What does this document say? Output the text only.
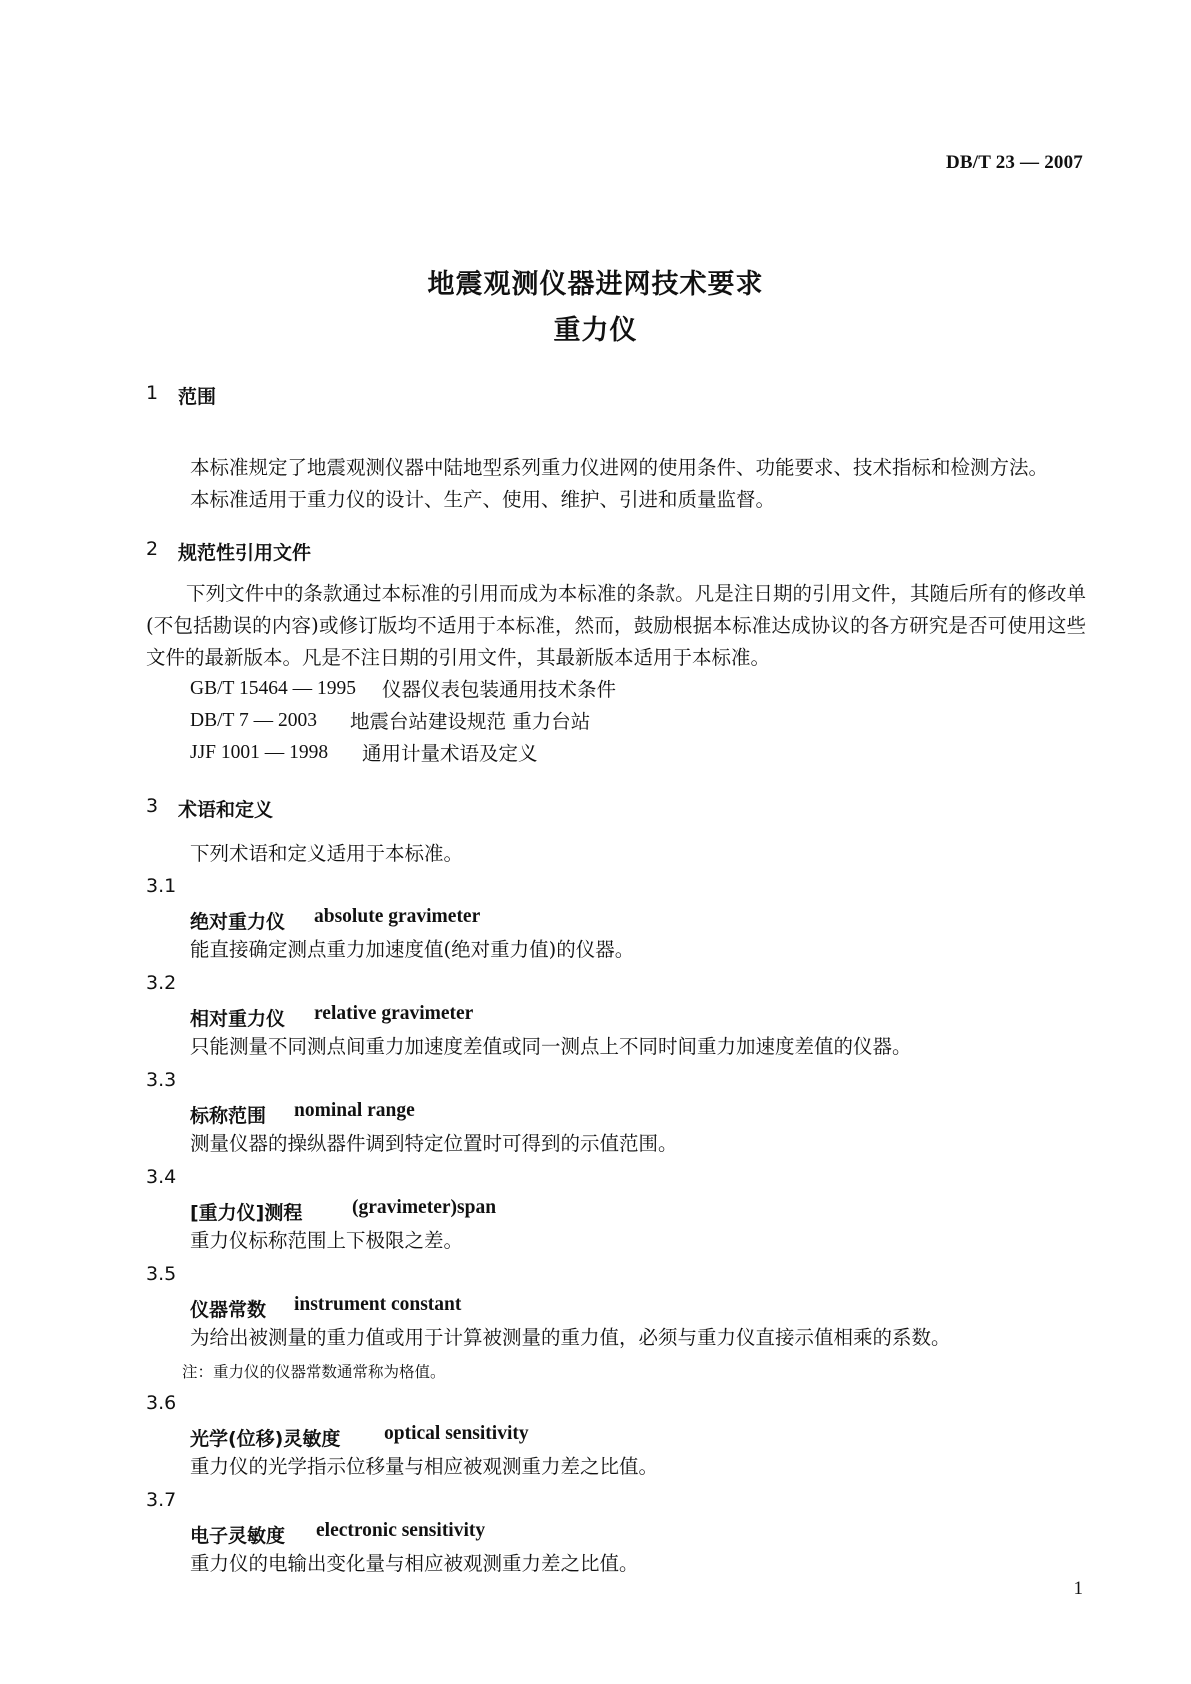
DB/T 23 — 2007
地震观测仪器进网技术要求
重力仪
1 范围
本标准规定了地震观测仪器中陆地型系列重力仪进网的使用条件、功能要求、技术指标和检测方法。
本标准适用于重力仪的设计、生产、使用、维护、引进和质量监督。
2 规范性引用文件
下列文件中的条款通过本标准的引用而成为本标准的条款。凡是注日期的引用文件，其随后所有的修改单(不包括勘误的内容)或修订版均不适用于本标准，然而，鼓励根据本标准达成协议的各方研究是否可使用这些文件的最新版本。凡是不注日期的引用文件，其最新版本适用于本标准。
GB/T 15464 — 1995 仪器仪表包装通用技术条件
DB/T 7 — 2003 地震台站建设规范 重力台站
JJF 1001 — 1998 通用计量术语及定义
3 术语和定义
下列术语和定义适用于本标准。
3.1
绝对重力仪 absolute gravimeter
能直接确定测点重力加速度值(绝对重力值)的仪器。
3.2
相对重力仪 relative gravimeter
只能测量不同测点间重力加速度差值或同一测点上不同时间重力加速度差值的仪器。
3.3
标称范围 nominal range
测量仪器的操纵器件调到特定位置时可得到的示值范围。
3.4
[重力仪]测程	(gravimeter)span
重力仪标称范围上下极限之差。
3.5
仪器常数 instrument constant
为给出被测量的重力值或用于计算被测量的重力值，必须与重力仪直接示值相乘的系数。
注：重力仪的仪器常数通常称为格值。
3.6
光学(位移)灵敏度 optical sensitivity
重力仪的光学指示位移量与相应被观测重力差之比值。
3.7
电子灵敏度 electronic sensitivity
重力仪的电输出变化量与相应被观测重力差之比值。
1
